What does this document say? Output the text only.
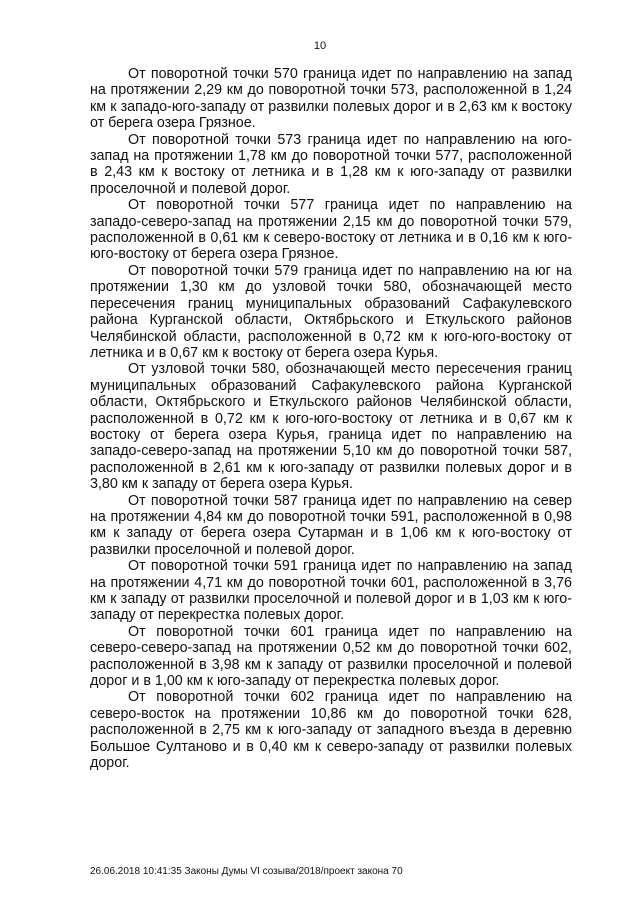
10

От поворотной точки 570 граница идет по направлению на запад на протяжении 2,29 км до поворотной точки 573, расположенной в 1,24 км к западо-юго-западу от развилки полевых дорог и в 2,63 км к востоку от берега озера Грязное.

От поворотной точки 573 граница идет по направлению на юго-запад на протяжении 1,78 км до поворотной точки 577, расположенной в 2,43 км к востоку от летника и в 1,28 км к юго-западу от развилки проселочной и полевой дорог.

От поворотной точки 577 граница идет по направлению на западо-северо-запад на протяжении 2,15 км до поворотной точки 579, расположенной в 0,61 км к северо-востоку от летника и в 0,16 км к юго-юго-востоку от берега озера Грязное.

От поворотной точки 579 граница идет по направлению на юг на протяжении 1,30 км до узловой точки 580, обозначающей место пересечения границ муниципальных образований Сафакулевского района Курганской области, Октябрьского и Еткульского районов Челябинской области, расположенной в 0,72 км к юго-юго-востоку от летника и в 0,67 км к востоку от берега озера Курья.

От узловой точки 580, обозначающей место пересечения границ муниципальных образований Сафакулевского района Курганской области, Октябрьского и Еткульского районов Челябинской области, расположенной в 0,72 км к юго-юго-востоку от летника и в 0,67 км к востоку от берега озера Курья, граница идет по направлению на западо-северо-запад на протяжении 5,10 км до поворотной точки 587, расположенной в 2,61 км к юго-западу от развилки полевых дорог и в 3,80 км к западу от берега озера Курья.

От поворотной точки 587 граница идет по направлению на север на протяжении 4,84 км до поворотной точки 591, расположенной в 0,98 км к западу от берега озера Сутарман и в 1,06 км к юго-востоку от развилки проселочной и полевой дорог.

От поворотной точки 591 граница идет по направлению на запад на протяжении 4,71 км до поворотной точки 601, расположенной в 3,76 км к западу от развилки проселочной и полевой дорог и в 1,03 км к юго-западу от перекрестка полевых дорог.

От поворотной точки 601 граница идет по направлению на северо-северо-запад на протяжении 0,52 км до поворотной точки 602, расположенной в 3,98 км к западу от развилки проселочной и полевой дорог и в 1,00 км к юго-западу от перекрестка полевых дорог.

От поворотной точки 602 граница идет по направлению на северо-восток на протяжении 10,86 км до поворотной точки 628, расположенной в 2,75 км к юго-западу от западного въезда в деревню Большое Султаново и в 0,40 км к северо-западу от развилки полевых дорог.

26.06.2018 10:41:35 Законы Думы VI созыва/2018/проект закона 70
